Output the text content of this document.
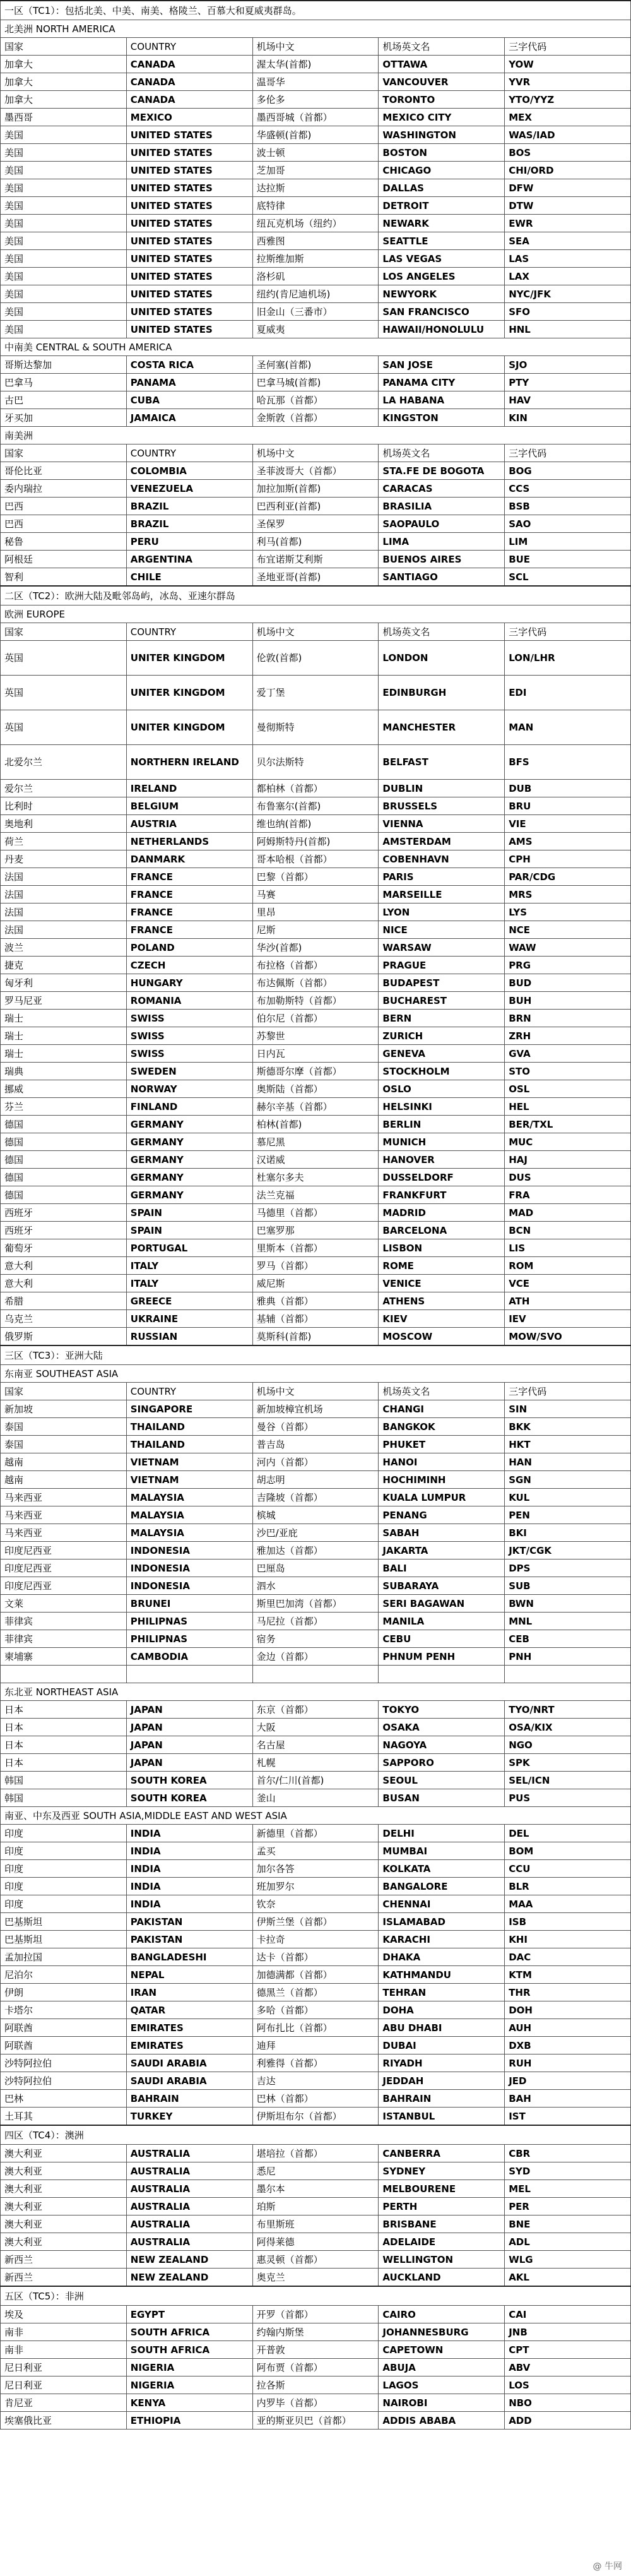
一区（TC1）：包括北美、中美、南美、格陵兰、百慕大和夏威夷群岛。				
北美洲 NORTH AMERICA				
国家	COUNTRY	机场中文	机场英文名	三字代码
加拿大	CANADA	渥太华(首都)	OTTAWA	YOW
加拿大	CANADA	温哥华	VANCOUVER	YVR
加拿大	CANADA	多伦多	TORONTO	YTO/YYZ
墨西哥	MEXICO	墨西哥城（首都）	MEXICO CITY	MEX
美国	UNITED STATES	华盛顿(首都)	WASHINGTON	WAS/IAD
美国	UNITED STATES	波士顿	BOSTON	BOS
美国	UNITED STATES	芝加哥	CHICAGO	CHI/ORD
美国	UNITED STATES	达拉斯	DALLAS	DFW
美国	UNITED STATES	底特律	DETROIT	DTW
美国	UNITED STATES	纽瓦克机场（纽约）	NEWARK	EWR
美国	UNITED STATES	西雅图	SEATTLE	SEA
美国	UNITED STATES	拉斯维加斯	LAS VEGAS	LAS
美国	UNITED STATES	洛杉矶	LOS ANGELES	LAX
美国	UNITED STATES	纽约(肯尼迪机场)	NEWYORK	NYC/JFK
美国	UNITED STATES	旧金山（三番市）	SAN FRANCISCO	SFO
美国	UNITED STATES	夏威夷	HAWAII/HONOLULU	HNL
中南美 CENTRAL & SOUTH AMERICA				
哥斯达黎加	COSTA RICA	圣何塞(首都)	SAN JOSE	SJO
巴拿马	PANAMA	巴拿马城(首都)	PANAMA CITY	PTY
古巴	CUBA	哈瓦那（首都）	LA HABANA	HAV
牙买加	JAMAICA	金斯敦（首都）	KINGSTON	KIN
南美洲				
国家	COUNTRY	机场中文	机场英文名	三字代码
哥伦比亚	COLOMBIA	圣菲波哥大（首都）	STA.FE DE BOGOTA	BOG
委内瑞拉	VENEZUELA	加拉加斯(首都)	CARACAS	CCS
巴西	BRAZIL	巴西利亚(首都)	BRASILIA	BSB
巴西	BRAZIL	圣保罗	SAOPAULO	SAO
秘鲁	PERU	利马(首都)	LIMA	LIM
阿根廷	ARGENTINA	布宜诺斯艾利斯	BUENOS AIRES	BUE
智利	CHILE	圣地亚哥(首都)	SANTIAGO	SCL
二区（TC2）：欧洲大陆及毗邻岛屿，冰岛、亚速尔群岛				
欧洲 EUROPE				
国家	COUNTRY	机场中文	机场英文名	三字代码
英国	UNITER KINGDOM	伦敦(首都)	LONDON	LON/LHR
英国	UNITER KINGDOM	爱丁堡	EDINBURGH	EDI
英国	UNITER KINGDOM	曼彻斯特	MANCHESTER	MAN
北爱尔兰	NORTHERN IRELAND	贝尔法斯特	BELFAST	BFS
爱尔兰	IRELAND	都柏林（首都）	DUBLIN	DUB
比利时	BELGIUM	布鲁塞尔(首都)	BRUSSELS	BRU
奥地利	AUSTRIA	维也纳(首都)	VIENNA	VIE
荷兰	NETHERLANDS	阿姆斯特丹(首都)	AMSTERDAM	AMS
丹麦	DANMARK	哥本哈根（首都）	COBENHAVN	CPH
法国	FRANCE	巴黎（首都）	PARIS	PAR/CDG
法国	FRANCE	马赛	MARSEILLE	MRS
法国	FRANCE	里昂	LYON	LYS
法国	FRANCE	尼斯	NICE	NCE
波兰	POLAND	华沙(首都)	WARSAW	WAW
捷克	CZECH	布拉格（首都）	PRAGUE	PRG
匈牙利	HUNGARY	布达佩斯（首都）	BUDAPEST	BUD
罗马尼亚	ROMANIA	布加勒斯特（首都）	BUCHAREST	BUH
瑞士	SWISS	伯尔尼（首都）	BERN	BRN
瑞士	SWISS	苏黎世	ZURICH	ZRH
瑞士	SWISS	日内瓦	GENEVA	GVA
瑞典	SWEDEN	斯德哥尔摩（首都）	STOCKHOLM	STO
挪威	NORWAY	奥斯陆（首都）	OSLO	OSL
芬兰	FINLAND	赫尔辛基（首都）	HELSINKI	HEL
德国	GERMANY	柏林(首都)	BERLIN	BER/TXL
德国	GERMANY	慕尼黑	MUNICH	MUC
德国	GERMANY	汉诺威	HANOVER	HAJ
德国	GERMANY	杜塞尔多夫	DUSSELDORF	DUS
德国	GERMANY	法兰克福	FRANKFURT	FRA
西班牙	SPAIN	马德里（首都）	MADRID	MAD
西班牙	SPAIN	巴塞罗那	BARCELONA	BCN
葡萄牙	PORTUGAL	里斯本（首都）	LISBON	LIS
意大利	ITALY	罗马（首都）	ROME	ROM
意大利	ITALY	威尼斯	VENICE	VCE
希腊	GREECE	雅典（首都）	ATHENS	ATH
乌克兰	UKRAINE	基辅（首都）	KIEV	IEV
俄罗斯	RUSSIAN	莫斯科(首都)	MOSCOW	MOW/SVO
三区（TC3）：亚洲大陆				
东南亚 SOUTHEAST ASIA				
国家	COUNTRY	机场中文	机场英文名	三字代码
新加坡	SINGAPORE	新加坡樟宜机场	CHANGI	SIN
泰国	THAILAND	曼谷（首都）	BANGKOK	BKK
泰国	THAILAND	普吉岛	PHUKET	HKT
越南	VIETNAM	河内（首都）	HANOI	HAN
越南	VIETNAM	胡志明	HOCHIMINH	SGN
马来西亚	MALAYSIA	吉隆坡（首都）	KUALA LUMPUR	KUL
马来西亚	MALAYSIA	槟城	PENANG	PEN
马来西亚	MALAYSIA	沙巴/亚庇	SABAH	BKI
印度尼西亚	INDONESIA	雅加达（首都）	JAKARTA	JKT/CGK
印度尼西亚	INDONESIA	巴厘岛	BALI	DPS
印度尼西亚	INDONESIA	泗水	SUBARAYA	SUB
文莱	BRUNEI	斯里巴加湾（首都）	SERI BAGAWAN	BWN
菲律宾	PHILIPNAS	马尼拉（首都）	MANILA	MNL
菲律宾	PHILIPNAS	宿务	CEBU	CEB
柬埔寨	CAMBODIA	金边（首都）	PHNUM PENH	PNH

东北亚 NORTHEAST ASIA				
日本	JAPAN	东京（首都）	TOKYO	TYO/NRT
日本	JAPAN	大阪	OSAKA	OSA/KIX
日本	JAPAN	名古屋	NAGOYA	NGO
日本	JAPAN	札幌	SAPPORO	SPK
韩国	SOUTH KOREA	首尔/仁川(首都)	SEOUL	SEL/ICN
韩国	SOUTH KOREA	釜山	BUSAN	PUS
南亚、中东及西亚 SOUTH ASIA,MIDDLE EAST AND WEST ASIA				
印度	INDIA	新德里（首都）	DELHI	DEL
印度	INDIA	孟买	MUMBAI	BOM
印度	INDIA	加尔各答	KOLKATA	CCU
印度	INDIA	班加罗尔	BANGALORE	BLR
印度	INDIA	钦奈	CHENNAI	MAA
巴基斯坦	PAKISTAN	伊斯兰堡（首都）	ISLAMABAD	ISB
巴基斯坦	PAKISTAN	卡拉奇	KARACHI	KHI
孟加拉国	BANGLADESHI	达卡（首都）	DHAKA	DAC
尼泊尔	NEPAL	加德满都（首都）	KATHMANDU	KTM
伊朗	IRAN	德黑兰（首都）	TEHRAN	THR
卡塔尔	QATAR	多哈（首都）	DOHA	DOH
阿联酋	EMIRATES	阿布扎比（首都）	ABU DHABI	AUH
阿联酋	EMIRATES	迪拜	DUBAI	DXB
沙特阿拉伯	SAUDI ARABIA	利雅得（首都）	RIYADH	RUH
沙特阿拉伯	SAUDI ARABIA	吉达	JEDDAH	JED
巴林	BAHRAIN	巴林（首都）	BAHRAIN	BAH
土耳其	TURKEY	伊斯坦布尔（首都）	ISTANBUL	IST
四区（TC4）：澳洲				
澳大利亚	AUSTRALIA	堪培拉（首都）	CANBERRA	CBR
澳大利亚	AUSTRALIA	悉尼	SYDNEY	SYD
澳大利亚	AUSTRALIA	墨尔本	MELBOURENE	MEL
澳大利亚	AUSTRALIA	珀斯	PERTH	PER
澳大利亚	AUSTRALIA	布里斯班	BRISBANE	BNE
澳大利亚	AUSTRALIA	阿得莱德	ADELAIDE	ADL
新西兰	NEW ZEALAND	惠灵顿（首都）	WELLINGTON	WLG
新西兰	NEW ZEALAND	奥克兰	AUCKLAND	AKL
五区（TC5）：非洲				
埃及	EGYPT	开罗（首都）	CAIRO	CAI
南非	SOUTH AFRICA	约翰内斯堡	JOHANNESBURG	JNB
南非	SOUTH AFRICA	开普敦	CAPETOWN	CPT
尼日利亚	NIGERIA	阿布贾（首都）	ABUJA	ABV
尼日利亚	NIGERIA	拉各斯	LAGOS	LOS
肯尼亚	KENYA	内罗毕（首都）	NAIROBI	NBO
埃塞俄比亚	ETHIOPIA	亚的斯亚贝巴（首都）	ADDIS ABABA	ADD
@ 牛网
